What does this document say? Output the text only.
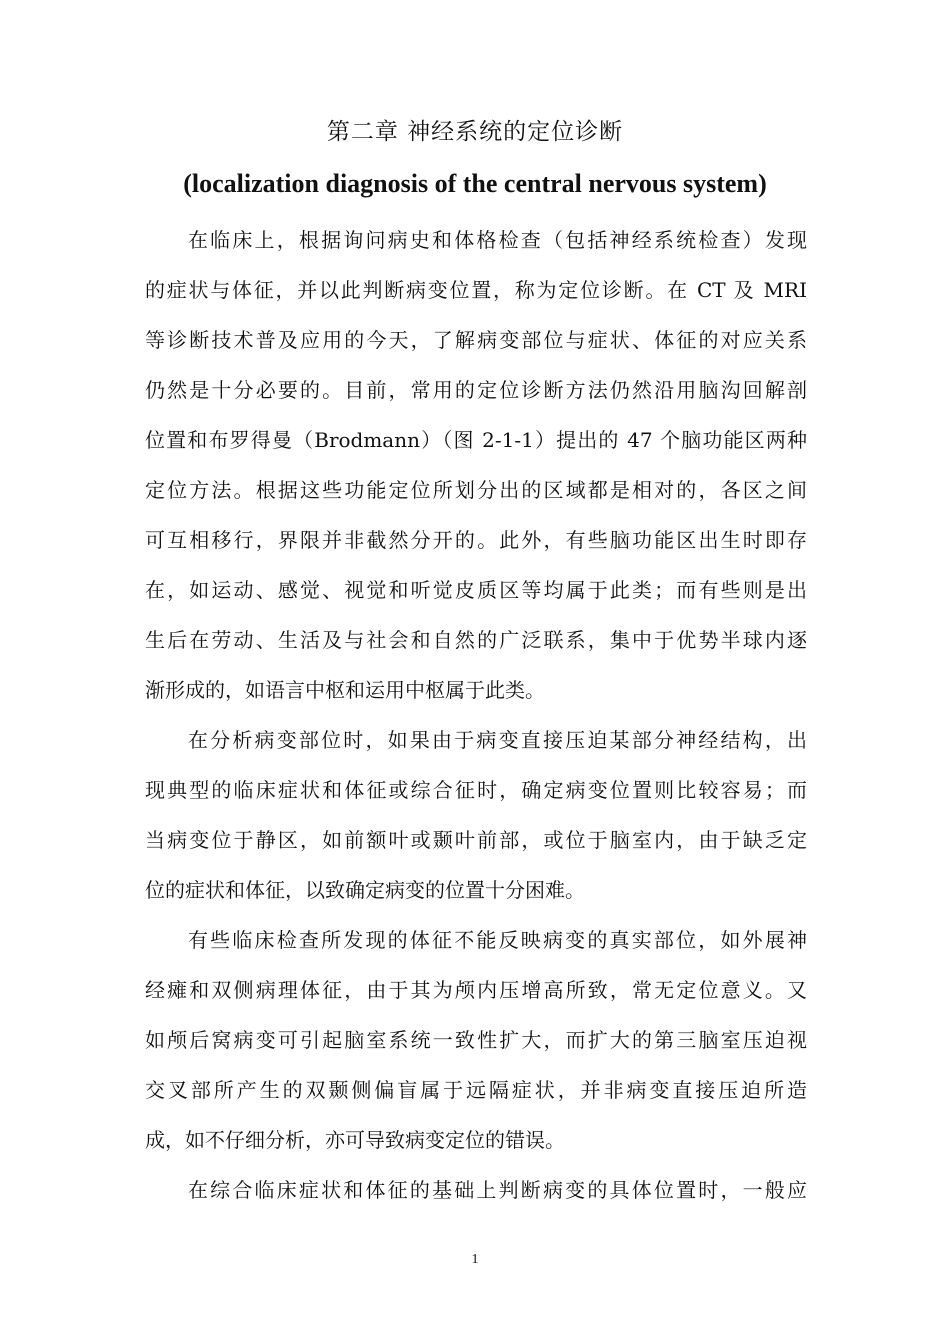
第二章 神经系统的定位诊断
(localization diagnosis of the central nervous system)
在临床上，根据询问病史和体格检查（包括神经系统检查）发现
的症状与体征，并以此判断病变位置，称为定位诊断。在 CT 及 MRI
等诊断技术普及应用的今天，了解病变部位与症状、体征的对应关系
仍然是十分必要的。目前，常用的定位诊断方法仍然沿用脑沟回解剖
位置和布罗得曼（Brodmann）（图 2-1-1）提出的 47 个脑功能区两种
定位方法。根据这些功能定位所划分出的区域都是相对的，各区之间
可互相移行，界限并非截然分开的。此外，有些脑功能区出生时即存
在，如运动、感觉、视觉和听觉皮质区等均属于此类；而有些则是出
生后在劳动、生活及与社会和自然的广泛联系，集中于优势半球内逐
渐形成的，如语言中枢和运用中枢属于此类。
在分析病变部位时，如果由于病变直接压迫某部分神经结构，出
现典型的临床症状和体征或综合征时，确定病变位置则比较容易；而
当病变位于静区，如前额叶或颞叶前部，或位于脑室内，由于缺乏定
位的症状和体征，以致确定病变的位置十分困难。
有些临床检查所发现的体征不能反映病变的真实部位，如外展神
经瘫和双侧病理体征，由于其为颅内压增高所致，常无定位意义。又
如颅后窝病变可引起脑室系统一致性扩大，而扩大的第三脑室压迫视
交叉部所产生的双颞侧偏盲属于远隔症状，并非病变直接压迫所造
成，如不仔细分析，亦可导致病变定位的错误。
在综合临床症状和体征的基础上判断病变的具体位置时，一般应
1
